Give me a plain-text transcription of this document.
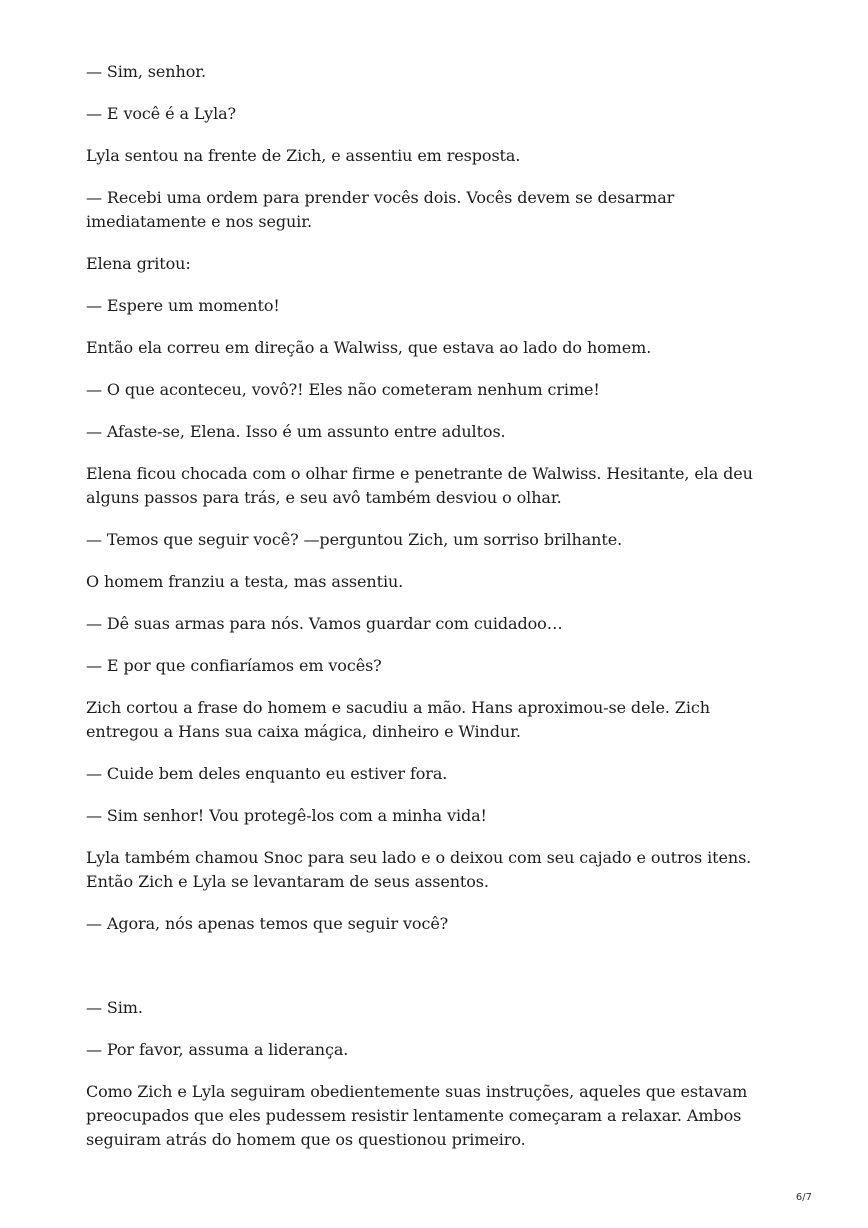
— Sim, senhor.

— E você é a Lyla?

Lyla sentou na frente de Zich, e assentiu em resposta.

— Recebi uma ordem para prender vocês dois. Vocês devem se desarmar imediatamente e nos seguir.

Elena gritou:

— Espere um momento!

Então ela correu em direção a Walwiss, que estava ao lado do homem.

— O que aconteceu, vovô?! Eles não cometeram nenhum crime!

— Afaste-se, Elena. Isso é um assunto entre adultos.

Elena ficou chocada com o olhar firme e penetrante de Walwiss. Hesitante, ela deu alguns passos para trás, e seu avô também desviou o olhar.

— Temos que seguir você? —perguntou Zich, um sorriso brilhante.

O homem franziu a testa, mas assentiu.

— Dê suas armas para nós. Vamos guardar com cuidadoo…

— E por que confiaríamos em vocês?

Zich cortou a frase do homem e sacudiu a mão. Hans aproximou-se dele. Zich entregou a Hans sua caixa mágica, dinheiro e Windur.

— Cuide bem deles enquanto eu estiver fora.

— Sim senhor! Vou protegê-los com a minha vida!

Lyla também chamou Snoc para seu lado e o deixou com seu cajado e outros itens. Então Zich e Lyla se levantaram de seus assentos.

— Agora, nós apenas temos que seguir você?

— Sim.

— Por favor, assuma a liderança.

Como Zich e Lyla seguiram obedientemente suas instruções, aqueles que estavam preocupados que eles pudessem resistir lentamente começaram a relaxar. Ambos seguiram atrás do homem que os questionou primeiro.

6/7
